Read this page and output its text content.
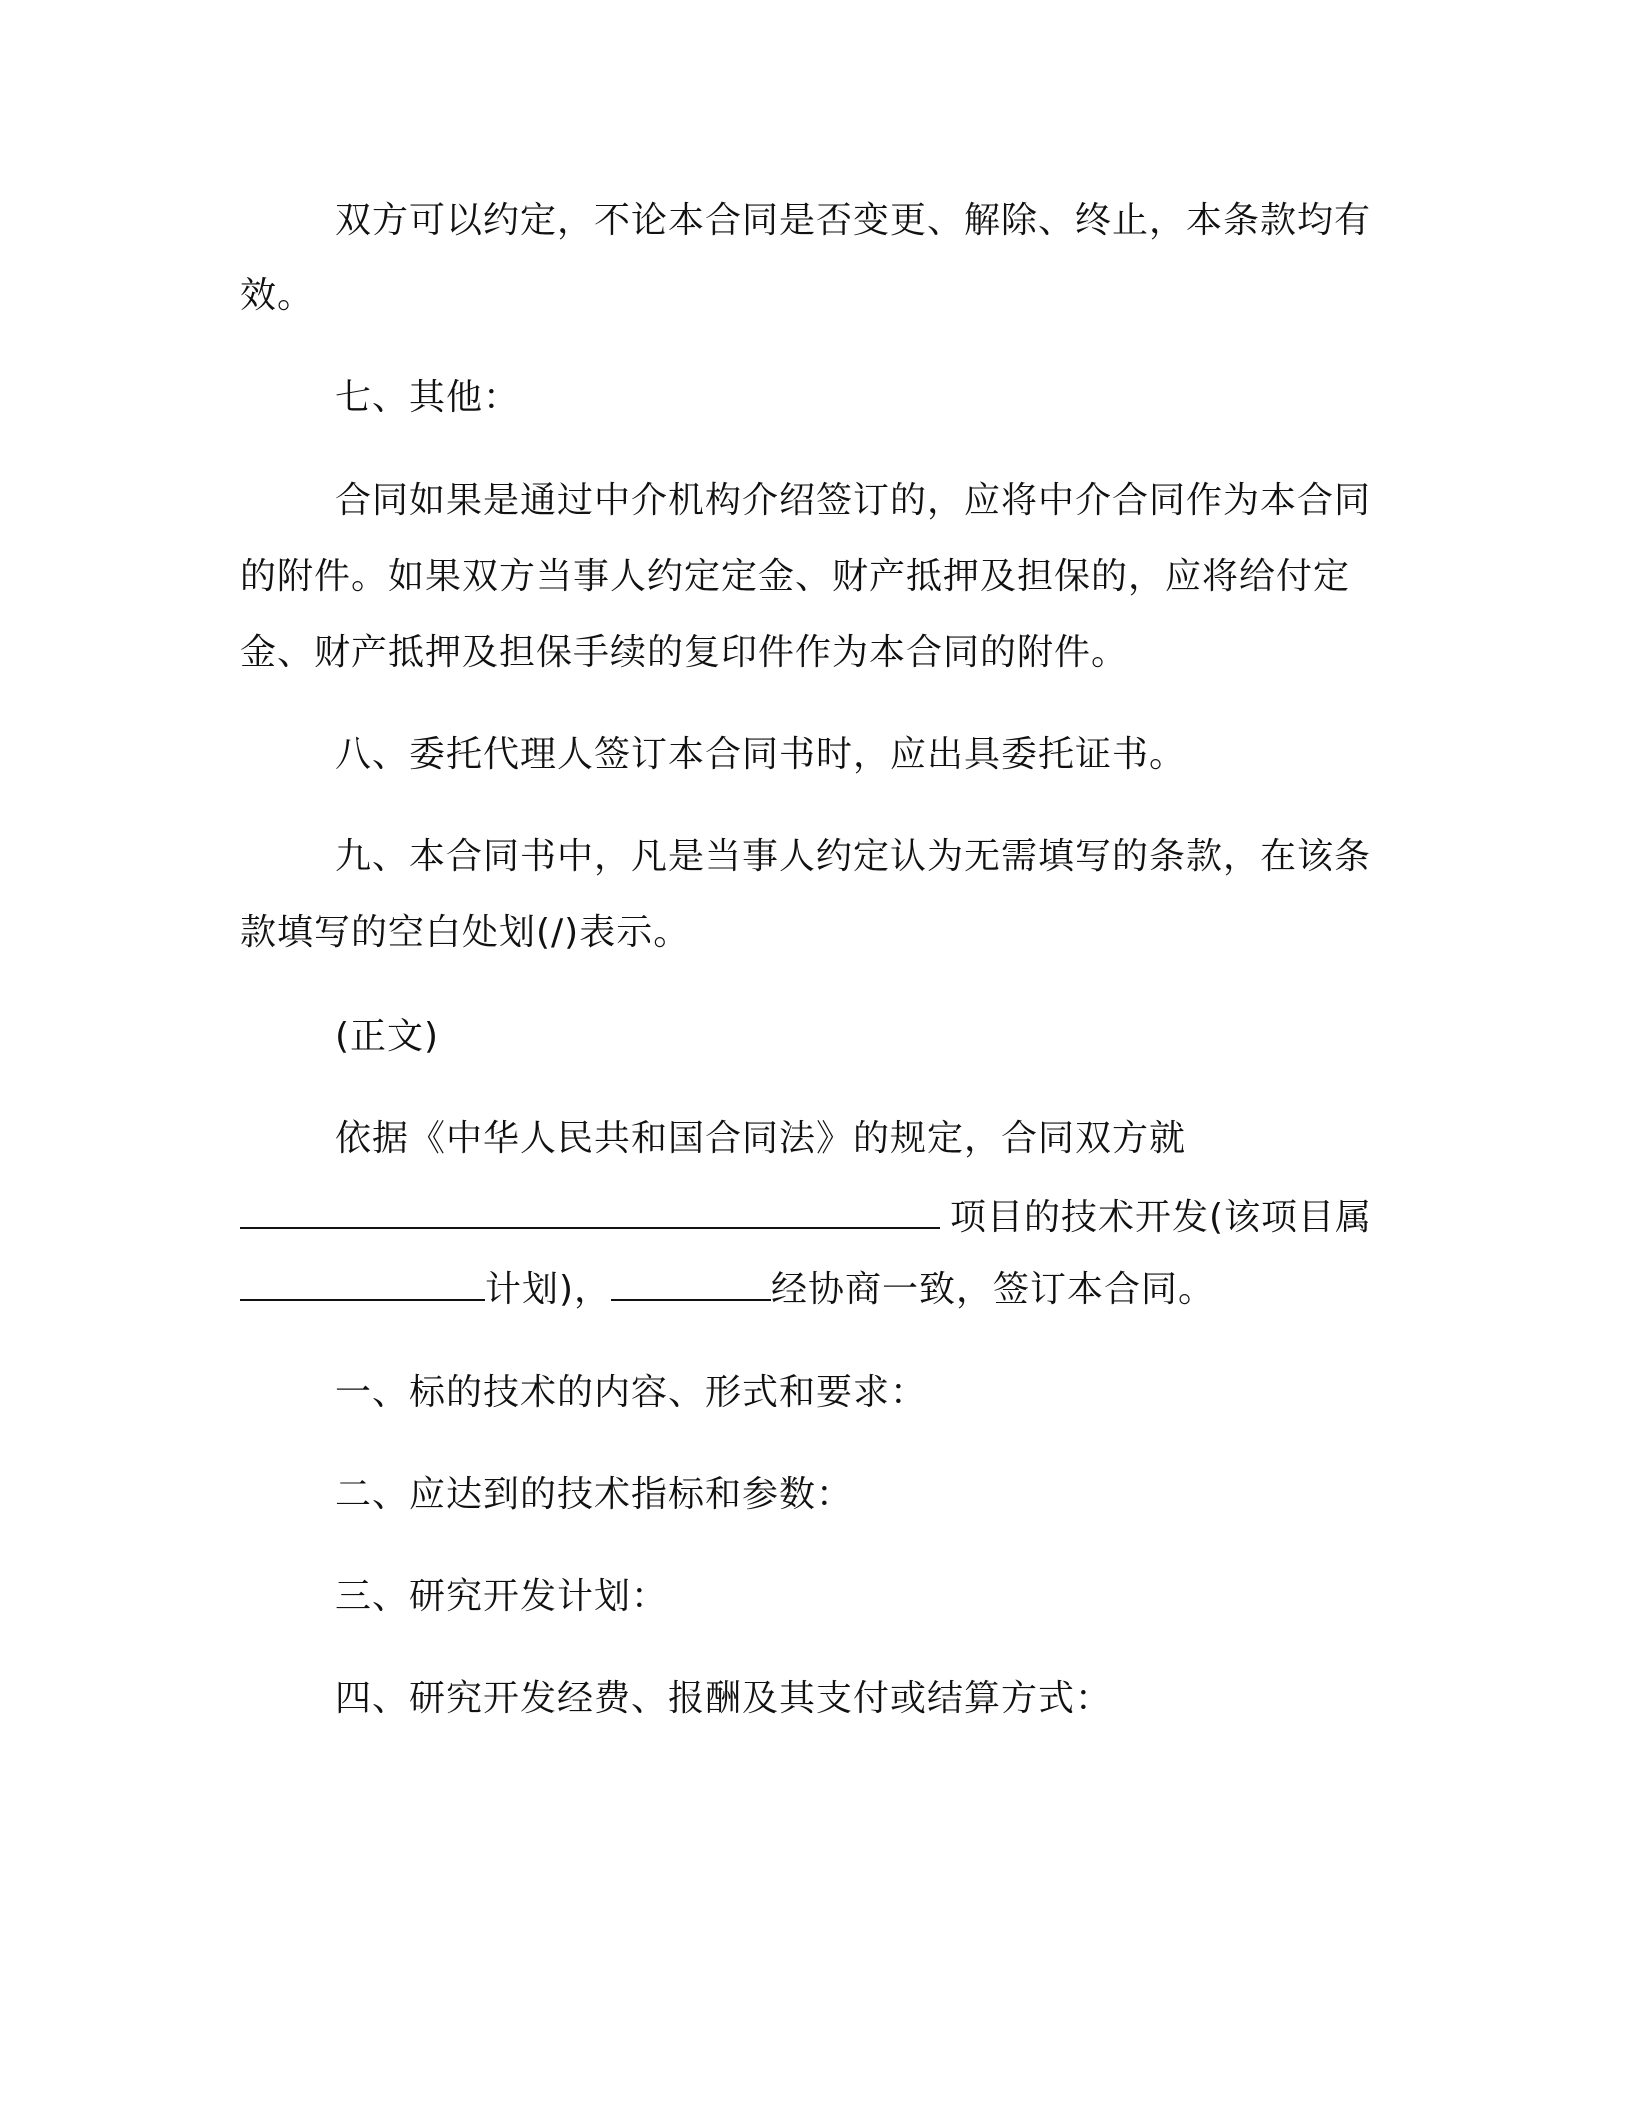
双方可以约定，不论本合同是否变更、解除、终止，本条款均有
效。
七、其他：
合同如果是通过中介机构介绍签订的，应将中介合同作为本合同
的附件。如果双方当事人约定定金、财产抵押及担保的，应将给付定
金、财产抵押及担保手续的复印件作为本合同的附件。
八、委托代理人签订本合同书时，应出具委托证书。
九、本合同书中，凡是当事人约定认为无需填写的条款，在该条
款填写的空白处划(/)表示。
(正文)
依据《中华人民共和国合同法》的规定，合同双方就
项目的技术开发(该项目属
计划)，	经协商一致，签订本合同。
一、标的技术的内容、形式和要求：
二、应达到的技术指标和参数：
三、研究开发计划：
四、研究开发经费、报酬及其支付或结算方式：
